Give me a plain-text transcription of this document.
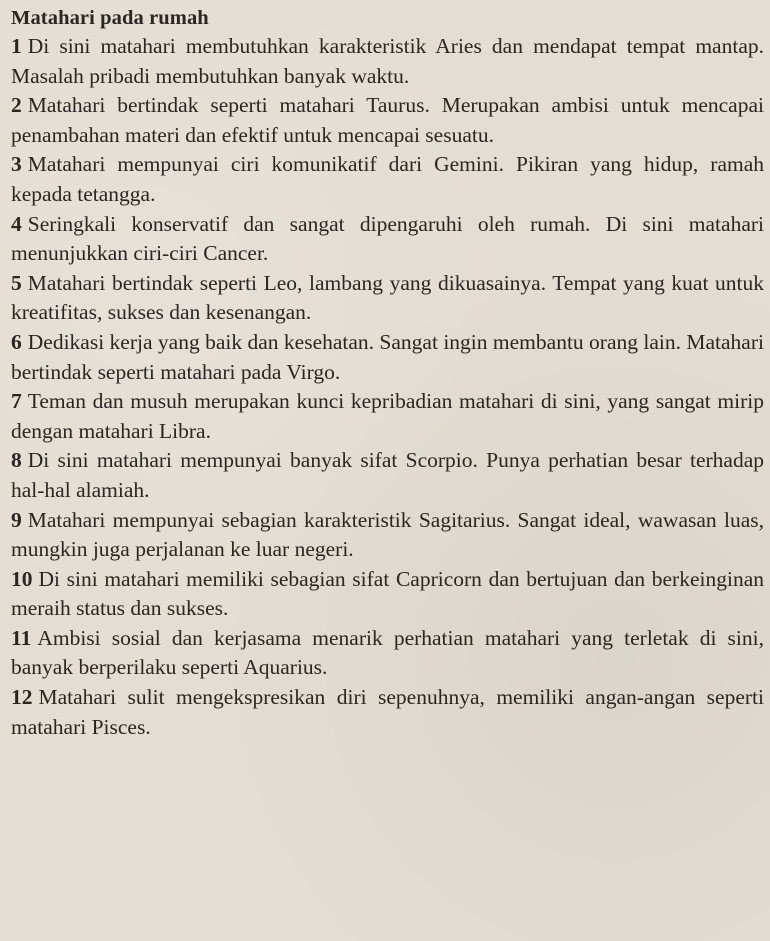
Matahari pada rumah
1 Di sini matahari membutuhkan karakteristik Aries dan mendapat tempat mantap. Masalah pribadi membutuhkan banyak waktu.
2 Matahari bertindak seperti matahari Taurus. Merupakan ambisi untuk mencapai penambahan materi dan efektif untuk mencapai sesuatu.
3 Matahari mempunyai ciri komunikatif dari Gemini. Pikiran yang hidup, ramah kepada tetangga.
4 Seringkali konservatif dan sangat dipengaruhi oleh rumah. Di sini matahari menunjukkan ciri-ciri Cancer.
5 Matahari bertindak seperti Leo, lambang yang dikuasainya. Tempat yang kuat untuk kreatifitas, sukses dan kesenangan.
6 Dedikasi kerja yang baik dan kesehatan. Sangat ingin membantu orang lain. Matahari bertindak seperti matahari pada Virgo.
7 Teman dan musuh merupakan kunci kepribadian matahari di sini, yang sangat mirip dengan matahari Libra.
8 Di sini matahari mempunyai banyak sifat Scorpio. Punya perhatian besar terhadap hal-hal alamiah.
9 Matahari mempunyai sebagian karakteristik Sagitarius. Sangat ideal, wawasan luas, mungkin juga perjalanan ke luar negeri.
10 Di sini matahari memiliki sebagian sifat Capricorn dan bertujuan dan berkeinginan meraih status dan sukses.
11 Ambisi sosial dan kerjasama menarik perhatian matahari yang terletak di sini, banyak berperilaku seperti Aquarius.
12 Matahari sulit mengekspresikan diri sepenuhnya, memiliki angan-angan seperti matahari Pisces.
